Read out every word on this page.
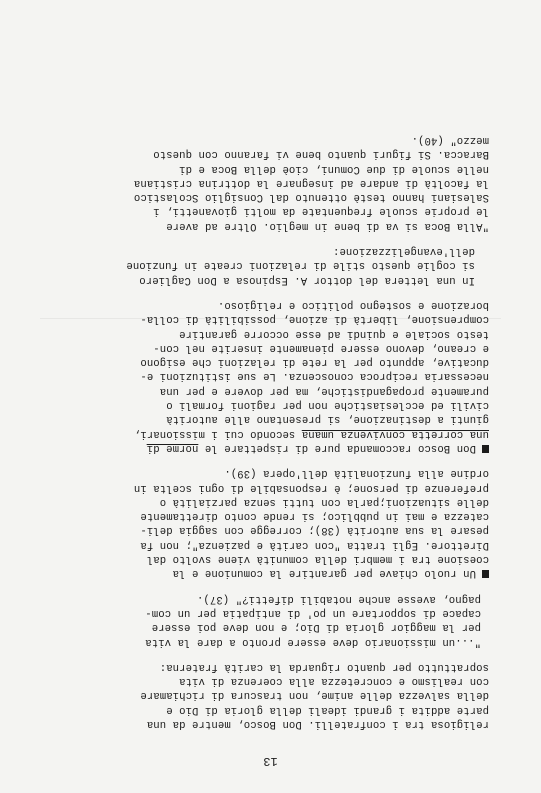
13
religiosa tra i confratelli. Don Bosco, mentre da una
parte addita i grandi ideali della gloria di Dio e
della salvezza delle anime, non trascura di richiamare
con realismo e concretezza alla coerenza di vita
soprattutto per quanto riguarda la carità fraterna:
"...un missionario deve essere pronto a dare la vita
per la maggior gloria di Dio; e non deve poi essere
capace di sopportare un po' di antipatia per un com-
pagno, avesse anche notabili difetti?" (37).
Un ruolo chiave per garantire la comunione e la
coesione tra i membri della comunità viene svolto dal
Direttore. Egli tratta "con carità e pazienza"; non fa
pesare la sua autorità (38); corregge con saggia deli-
catezza e mai in pubblico; si rende conto direttamente
delle situazioni;parla con tutti senza parzialità o
preferenze di persone; è responsabile di ogni scelta in
ordine alla funzionalità dell'opera (39).
Don Bosco raccomanda pure di rispettare le norme di
una corretta convivenza umana secondo cui i missionari,
giunti a destinazione, si presentano alle autorità
civili ed ecclesiastiche non per ragioni formali o
puramente propagandistiche, ma per dovere e per una
necessaria reciproca conoscenza. Le sue istituzioni e-
ducative, appunto per la rete di relazioni che esigono
e creano, devono essere pienamente inserite nel con-
testo sociale e quindi ad esse occorre garantire
comprensione, libertà di azione, possibilità di colla-
borazione e sostegno politico e religioso.
In una lettera del dottor A. Espinosa a Don Cagliero
si coglie questo stile di relazioni create in funzione
dell'evangelizzazione:
"Alla Boca si va di bene in meglio. Oltre ad avere
le proprie scuole frequentate da molti giovanetti, i
Salesiani hanno testè ottenuto dal Consiglio Scolastico
la facoltà di andare ad insegnare la dottrina cristiana
nelle scuole di due Comuni, cioè della Boca e di
Baracca. Si figuri quanto bene vi faranno con questo
mezzo" (40).
